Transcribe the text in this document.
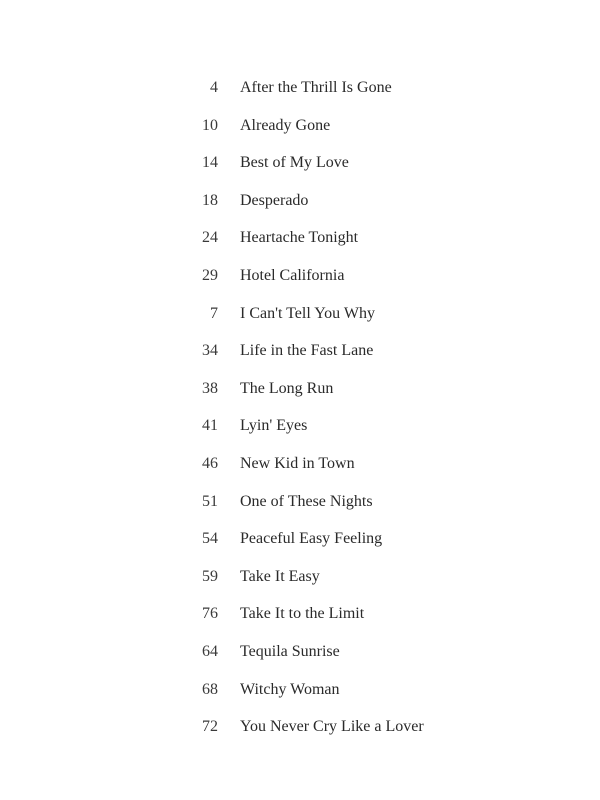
4 After the Thrill Is Gone
10 Already Gone
14 Best of My Love
18 Desperado
24 Heartache Tonight
29 Hotel California
7 I Can't Tell You Why
34 Life in the Fast Lane
38 The Long Run
41 Lyin' Eyes
46 New Kid in Town
51 One of These Nights
54 Peaceful Easy Feeling
59 Take It Easy
76 Take It to the Limit
64 Tequila Sunrise
68 Witchy Woman
72 You Never Cry Like a Lover
